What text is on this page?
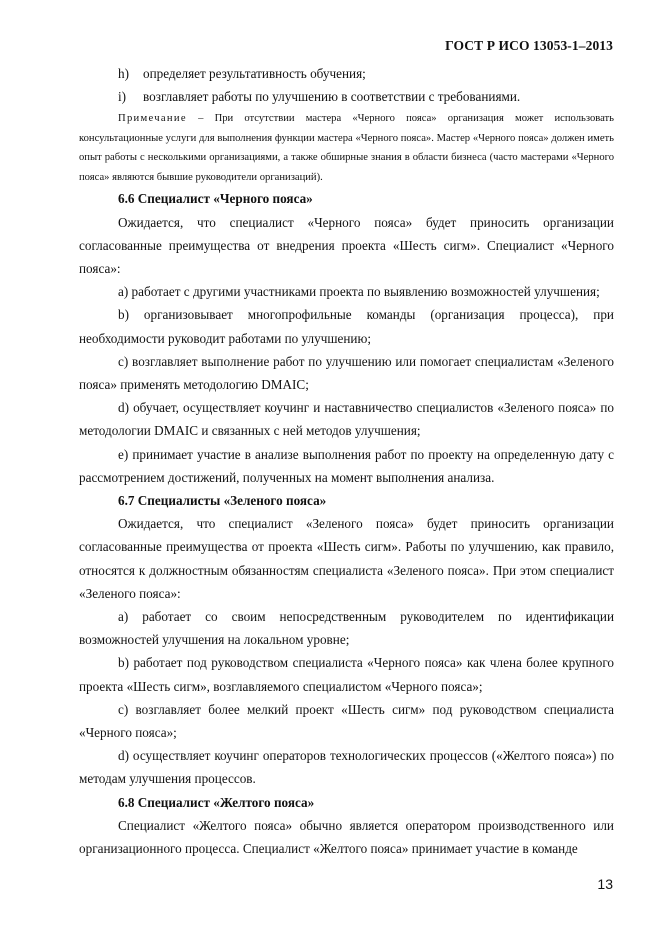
ГОСТ Р ИСО 13053-1–2013

h) определяет результативность обучения;

i) возглавляет работы по улучшению в соответствии с требованиями.

Примечание – При отсутствии мастера «Черного пояса» организация может использовать консультационные услуги для выполнения функции мастера «Черного пояса». Мастер «Черного пояса» должен иметь опыт работы с несколькими организациями, а также обширные знания в области бизнеса (часто мастерами «Черного пояса» являются бывшие руководители организаций).

6.6 Специалист «Черного пояса»

Ожидается, что специалист «Черного пояса» будет приносить организации согласованные преимущества от внедрения проекта «Шесть сигм». Специалист «Черного пояса»:

a) работает с другими участниками проекта по выявлению возможностей улучшения;

b) организовывает многопрофильные команды (организация процесса), при необходимости руководит работами по улучшению;

c) возглавляет выполнение работ по улучшению или помогает специалистам «Зеленого пояса» применять методологию DMAIC;

d) обучает, осуществляет коучинг и наставничество специалистов «Зеленого пояса» по методологии DMAIC и связанных с ней методов улучшения;

e) принимает участие в анализе выполнения работ по проекту на определенную дату с рассмотрением достижений, полученных на момент выполнения анализа.

6.7 Специалисты «Зеленого пояса»

Ожидается, что специалист «Зеленого пояса» будет приносить организации согласованные преимущества от проекта «Шесть сигм». Работы по улучшению, как правило, относятся к должностным обязанностям специалиста «Зеленого пояса». При этом специалист «Зеленого пояса»:

a) работает со своим непосредственным руководителем по идентификации возможностей улучшения на локальном уровне;

b) работает под руководством специалиста «Черного пояса» как члена более крупного проекта «Шесть сигм», возглавляемого специалистом «Черного пояса»;

c) возглавляет более мелкий проект «Шесть сигм» под руководством специалиста «Черного пояса»;

d) осуществляет коучинг операторов технологических процессов («Желтого пояса») по методам улучшения процессов.

6.8 Специалист «Желтого пояса»

Специалист «Желтого пояса» обычно является оператором производственного или организационного процесса. Специалист «Желтого пояса» принимает участие в команде

13
